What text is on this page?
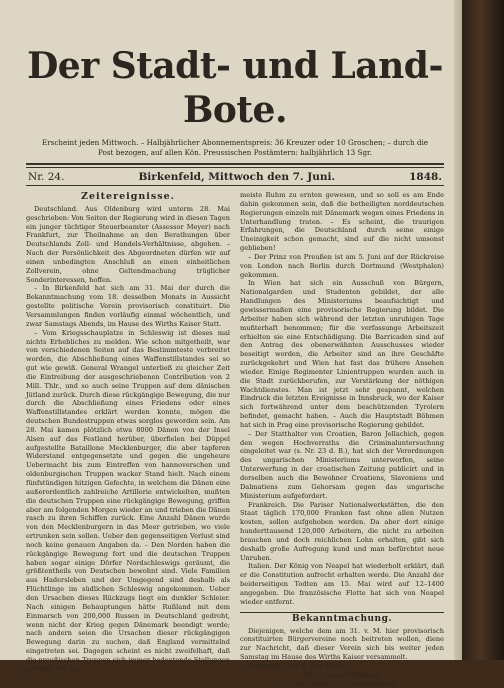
Der Stadt- und Land-Bote.
Erscheint jeden Mittwoch. – Halbjährlicher Abonnementspreis: 36 Kreuzer oder 10 Groschen; – durch die
Post bezogen, auf allen Kön. Preussischen Postämtern: halbjährlich 13 Sgr.
Nr. 24.	Birkenfeld, Mittwoch den 7. Juni.	1848.
Zeitereignisse.

Deutschland. Aus Oldenburg wird unterm 28. Mai geschrieben: Von Seiten der Regierung wird in diesen Tagen ein junger tüchtiger Steuerbeamter (Assessor Meyer) nach Frankfurt, zur Theilnahme an den Berathungen über Deutschlands Zoll- und Handels-Verhältnisse, abgehen. – Nach der Persönlichkeit des Abgeordneten dürfen wir auf einen unbedingten Anschluß an einen einheitlichen Zollverein, ohne Geltendmachung trüglicher Sonderinteressen, hoffen.

– In Birkenfeld hat sich am 31. Mai der durch die Bekanntmachung vom 18. desselben Monats in Aussicht gestellte politische Verein provisorisch constituirt. Die Versammlungen finden vorläufig einmal wöchentlich, und zwar Samstags Abends, im Hause des Wirths Kaiser Statt.

– Vom Kriegsschauplatze in Schleswig ist dieses mal nichts Erhebliches zu melden. Wie schon mitgetheilt, war von verschiedenen Seiten auf das Bestimmteste verbreitet worden, die Abschließung eines Waffenstillstandes sei so gut wie gewiß. General Wrangel unterließ zu gleicher Zeit die Eintreibung der ausgeschriebenen Contribution von 2 Mill. Thlr., und so auch seine Truppen auf dem dänischen Jütland zurück. Durch diese rückgängige Bewegung, die nur durch die Abschließung eines Friedens oder eines Waffenstillstandes erklärt werden konnte, mögen die deutschen Bundestruppen etwas sorglos geworden sein. Am 28. Mai kamen plötzlich etwa 8000 Dänen von der Insel Alsen auf das Festland herüber, überfielen bei Düppel aufgestellte Bataillone Mecklenburger, die aber tapferen Widerstand entgegensetzte und gegen die ungeheure Uebermacht bis zum Eintreffen von hannoverschen und oldenburgischen Truppen wacker Stand hielt. Nach einem fünfstündigen hitzigen Gefechte, in welchem die Dänen eine außerordentlich zahlreiche Artillerie entwickelten, mußten die deutschen Truppen eine rückgängige Bewegung, griffen aber am folgenden Morgen wieder an und trieben die Dänen rasch zu ihren Schiffen zurück. Eine Anzahl Dänen wurde von den Mecklenburgern in das Meer getrieben, wo viele ertrunken sein sollen. Ueber den gegenseitigen Verlust sind noch keine genauen Angaben da. – Den Norden haben die rückgängige Bewegung fort und die deutschen Truppen haben sogar einige Dörfer Nordschleswigs geräumt, die größtentheils von Deutschen bewohnt sind. Viele Familien aus Hadersleben und der Umgegend sind deshalb als Flüchtlinge im südlichen Schleswig angekommen. Ueber den Ursachen dieses Rückzugs liegt ein dunkler Schleier. Nach einigen Behauptungen hätte Rußland mit dem Einmarsch von 200,000 Russen in Deutschland gedroht, wenn nicht der Krieg gegen Dänemark beendigt werde; nach andern seien die Ursachen dieser rückgängigen Bewegung darin zu suchen, daß England vermittelnd eingetreten sei. Dagegen scheint es nicht zweifelhaft, daß die preußischen Truppen sich immer bedeutende Stellungen gewählt, wo der

meiste Ruhm zu ernten gewesen, und so soll es am Ende dahin gekommen sein, daß die betheiligten norddeutschen Regierungen einzeln mit Dänemark wegen eines Friedens in Unterhandlung traten. – Es scheint, die traurigen Erfahrungen, die Deutschland durch seine einige Uneinigkeit schon gemacht, sind auf die nicht umsonst geblieben!

– Der Prinz von Preußen ist am 5. Juni auf der Rückreise von London nach Berlin durch Dortmund (Westphalen) gekommen.

In Wien hat sich ein Ausschuß von Bürgern, Nationalgarden und Studenten gebildet, der alle Handlungen des Ministeriums beaufsichtigt und gewissermaßen eine provisorische Regierung bildet. Die Arbeiter haben sich während der letzten unruhigen Tage mußterhaft benommen; für die verfassunge Arbeitszeit erhielten sie eine Entschädigung. Die Barricaden sind auf den Antrag des obenerwähnten Ausschusses wieder beseitigt worden, die Arbeiter sind an ihre Geschäfte zurückgekehrt und Wien hat fast das frühere Ansehen wieder. Einige Regimenter Linientruppen wurden auch in die Stadt zurückberufen, zur Verstärkung der nöthigen Wachtdienstes. Man ist jetzt sehr gespannt, welchen Eindruck die letzten Ereignisse in Innsbruck, wo der Kaiser sich fortwährend unter dem beschützenden Tyrolern befindet, gemacht haben. – Auch die Hauptstadt Böhmen hat sich in Prag eine provisorische Regierung gebildet.

– Der Statthalter von Croatien, Baron Jellachich, gegen den wegen Hochverraths die Criminaluntersuchung eingeleitet war (s. Nr. 23 d. B.), hat sich der Verordnungen des ungarischen Ministeriums unterworfen, seine Unterwerfung in der croatischen Zeitung publicirt und in derselben auch die Bewohner Croatiens, Slavoniens und Dalmatiens zum Gehorsam gegen das ungarische Ministerium aufgefordert.

Frankreich. Die Pariser Nationalwerkstätten, die den Staat täglich 170,000 Franken fast ohne allen Nutzen kosten, sollen aufgehoben werden. Da aber dort einige hunderttausend 120,000 Arbeitern, die nicht zu arbeiten brauchen und doch reichlichen Lohn erhalten, gibt sich deshalb große Aufregung kund und man befürchtet neue Unruhen.

Italien. Der König von Neapel hat wiederholt erklärt, daß er die Constitution aufrecht erhalten werde. Die Anzahl der beiderseitigen Todten am 15. Mai wird auf 12–1400 angegeben. Die französische Flotte hat sich von Neapel wieder entfernt.

Bekanntmachung.

Diejenigen, welche dem am 31. v. M. hier provisorisch constituirten Bürgervereine noch beitreten wollen, diene zur Nachricht, daß dieser Verein sich bis weiter jeden Samstag im Hause des Wirths Kaiser versammelt.

Birkenfeld, den 6. Juni 1848.

Ritz, provis. Präsident.
C. Th. Naeher, p. t. Schriftführer.
